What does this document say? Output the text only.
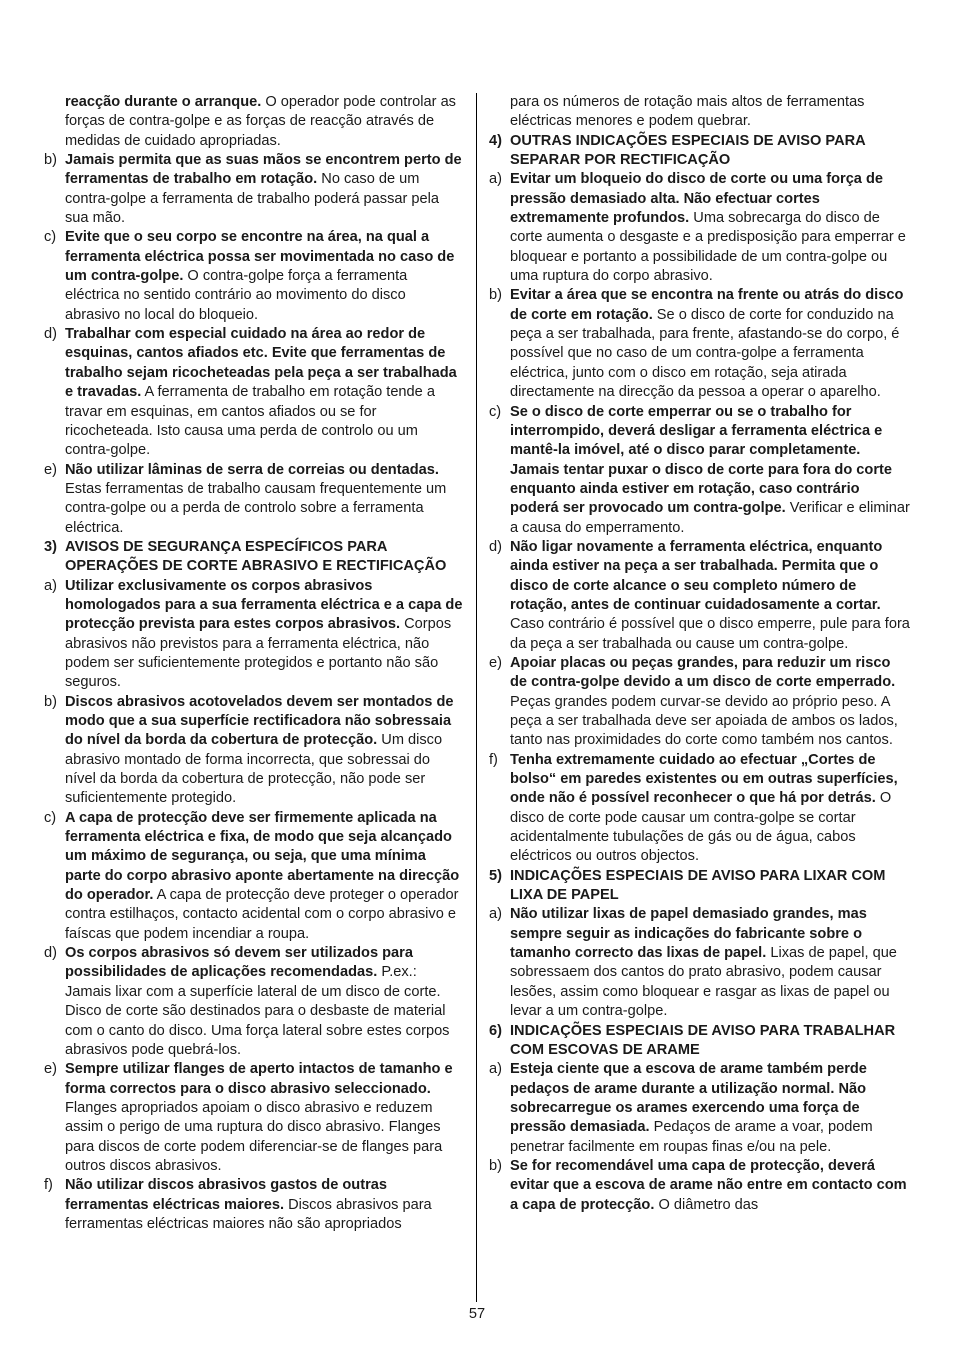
reacção durante o arranque. O operador pode controlar as forças de contra-golpe e as forças de reacção através de medidas de cuidado apropriadas.

b) Jamais permita que as suas mãos se encontrem perto de ferramentas de trabalho em rotação. No caso de um contra-golpe a ferramenta de trabalho poderá passar pela sua mão.

c) Evite que o seu corpo se encontre na área, na qual a ferramenta eléctrica possa ser movimentada no caso de um contra-golpe. O contra-golpe força a ferramenta eléctrica no sentido contrário ao movimento do disco abrasivo no local do bloqueio.

d) Trabalhar com especial cuidado na área ao redor de esquinas, cantos afiados etc. Evite que ferramentas de trabalho sejam ricocheteadas pela peça a ser trabalhada e travadas. A ferramenta de trabalho em rotação tende a travar em esquinas, em cantos afiados ou se for ricocheteada. Isto causa uma perda de controlo ou um contra-golpe.

e) Não utilizar lâminas de serra de correias ou dentadas. Estas ferramentas de trabalho causam frequentemente um contra-golpe ou a perda de controlo sobre a ferramenta eléctrica.

3) AVISOS DE SEGURANÇA ESPECÍFICOS PARA OPERAÇÕES DE CORTE ABRASIVO E RECTIFICAÇÃO

a) Utilizar exclusivamente os corpos abrasivos homologados para a sua ferramenta eléctrica e a capa de protecção prevista para estes corpos abrasivos. Corpos abrasivos não previstos para a ferramenta eléctrica, não podem ser suficientemente protegidos e portanto não são seguros.

b) Discos abrasivos acotovelados devem ser montados de modo que a sua superfície rectificadora não sobressaia do nível da borda da cobertura de protecção. Um disco abrasivo montado de forma incorrecta, que sobressai do nível da borda da cobertura de protecção, não pode ser suficientemente protegido.

c) A capa de protecção deve ser firmemente aplicada na ferramenta eléctrica e fixa, de modo que seja alcançado um máximo de segurança, ou seja, que uma mínima parte do corpo abrasivo aponte abertamente na direcção do operador. A capa de protecção deve proteger o operador contra estilhaços, contacto acidental com o corpo abrasivo e faíscas que podem incendiar a roupa.

d) Os corpos abrasivos só devem ser utilizados para possibilidades de aplicações recomendadas. P.ex.: Jamais lixar com a superfície lateral de um disco de corte. Disco de corte são destinados para o desbaste de material com o canto do disco. Uma força lateral sobre estes corpos abrasivos pode quebrá-los.

e) Sempre utilizar flanges de aperto intactos de tamanho e forma correctos para o disco abrasivo seleccionado. Flanges apropriados apoiam o disco abrasivo e reduzem assim o perigo de uma ruptura do disco abrasivo. Flanges para discos de corte podem diferenciar-se de flanges para outros discos abrasivos.

f) Não utilizar discos abrasivos gastos de outras ferramentas eléctricas maiores. Discos abrasivos para ferramentas eléctricas maiores não são apropriados

para os números de rotação mais altos de ferramentas eléctricas menores e podem quebrar.

4) OUTRAS INDICAÇÕES ESPECIAIS DE AVISO PARA SEPARAR POR RECTIFICAÇÃO

a) Evitar um bloqueio do disco de corte ou uma força de pressão demasiado alta. Não efectuar cortes extremamente profundos. Uma sobrecarga do disco de corte aumenta o desgaste e a predisposição para emperrar e bloquear e portanto a possibilidade de um contra-golpe ou uma ruptura do corpo abrasivo.

b) Evitar a área que se encontra na frente ou atrás do disco de corte em rotação. Se o disco de corte for conduzido na peça a ser trabalhada, para frente, afastando-se do corpo, é possível que no caso de um contra-golpe a ferramenta eléctrica, junto com o disco em rotação, seja atirada directamente na direcção da pessoa a operar o aparelho.

c) Se o disco de corte emperrar ou se o trabalho for interrompido, deverá desligar a ferramenta eléctrica e mantê-la imóvel, até o disco parar completamente. Jamais tentar puxar o disco de corte para fora do corte enquanto ainda estiver em rotação, caso contrário poderá ser provocado um contra-golpe. Verificar e eliminar a causa do emperramento.

d) Não ligar novamente a ferramenta eléctrica, enquanto ainda estiver na peça a ser trabalhada. Permita que o disco de corte alcance o seu completo número de rotação, antes de continuar cuidadosamente a cortar. Caso contrário é possível que o disco emperre, pule para fora da peça a ser trabalhada ou cause um contra-golpe.

e) Apoiar placas ou peças grandes, para reduzir um risco de contra-golpe devido a um disco de corte emperrado. Peças grandes podem curvar-se devido ao próprio peso. A peça a ser trabalhada deve ser apoiada de ambos os lados, tanto nas proximidades do corte como também nos cantos.

f) Tenha extremamente cuidado ao efectuar „Cortes de bolso“ em paredes existentes ou em outras superfícies, onde não é possível reconhecer o que há por detrás. O disco de corte pode causar um contra-golpe se cortar acidentalmente tubulações de gás ou de água, cabos eléctricos ou outros objectos.

5) INDICAÇÕES ESPECIAIS DE AVISO PARA LIXAR COM LIXA DE PAPEL

a) Não utilizar lixas de papel demasiado grandes, mas sempre seguir as indicações do fabricante sobre o tamanho correcto das lixas de papel. Lixas de papel, que sobressaem dos cantos do prato abrasivo, podem causar lesões, assim como bloquear e rasgar as lixas de papel ou levar a um contra-golpe.

6) INDICAÇÕES ESPECIAIS DE AVISO PARA TRABALHAR COM ESCOVAS DE ARAME

a) Esteja ciente que a escova de arame também perde pedaços de arame durante a utilização normal. Não sobrecarregue os arames exercendo uma força de pressão demasiada. Pedaços de arame a voar, podem penetrar facilmente em roupas finas e/ou na pele.

b) Se for recomendável uma capa de protecção, deverá evitar que a escova de arame não entre em contacto com a capa de protecção. O diâmetro das

57
